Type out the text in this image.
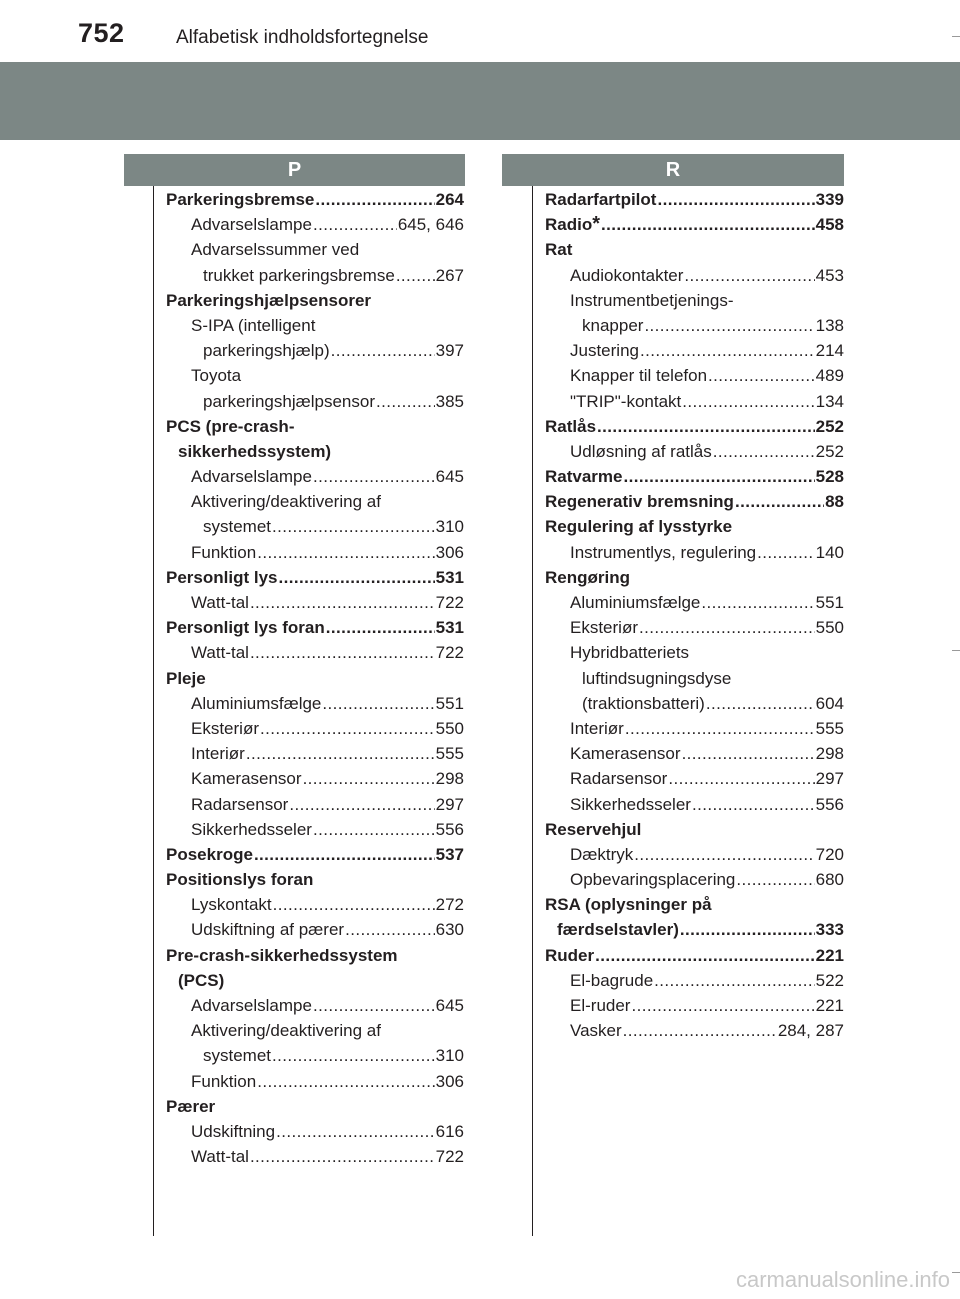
752	Alfabetisk indholdsfortegnelse
P	R
Parkeringsbremse .....	264
Advarselslampe .....	645, 646
Advarselssummer ved
trukket parkeringsbremse ..... 267
Parkeringshjælpsensorer
S-IPA (intelligent
parkeringshjælp) .....	397
Toyota
parkeringshjælpsensor .....	385
PCS (pre-crash-
sikkerhedssystem)
Advarselslampe .....	645
Aktivering/deaktivering af
systemet .....	310
Funktion .....	306
Personligt lys .....	531
Watt-tal .....	722
Personligt lys foran .....	531
Watt-tal .....	722
Pleje
Aluminiumsfælge .....	551
Eksteriør .....	550
Interiør .....	555
Kamerasensor .....	298
Radarsensor .....	297
Sikkerhedsseler .....	556
Posekroge .....	537
Positionslys foran
Lyskontakt .....	272
Udskiftning af pærer .....	630
Pre-crash-sikkerhedssystem
(PCS)
Advarselslampe .....	645
Aktivering/deaktivering af
systemet .....	310
Funktion .....	306
Pærer
Udskiftning .....	616
Watt-tal .....	722
Radarfartpilot .....	339
Radio * .....	458
Rat
Audiokontakter .....	453
Instrumentbetjenings-
knapper .....	138
Justering .....	214
Knapper til telefon .....	489
"TRIP"-kontakt .....	134
Ratlås .....	252
Udløsning af ratlås .....	252
Ratvarme .....	528
Regenerativ bremsning .....	88
Regulering af lysstyrke
Instrumentlys, regulering .....	140
Rengøring
Aluminiumsfælge .....	551
Eksteriør .....	550
Hybridbatteriets
luftindsugningsdyse
(traktionsbatteri) .....	604
Interiør .....	555
Kamerasensor .....	298
Radarsensor .....	297
Sikkerhedsseler .....	556
Reservehjul
Dæktryk .....	720
Opbevaringsplacering .....	680
RSA (oplysninger på
færdselstavler) .....	333
Ruder .....	221
El-bagrude .....	522
El-ruder .....	221
Vasker .....	284, 287
carmanualsonline.info
